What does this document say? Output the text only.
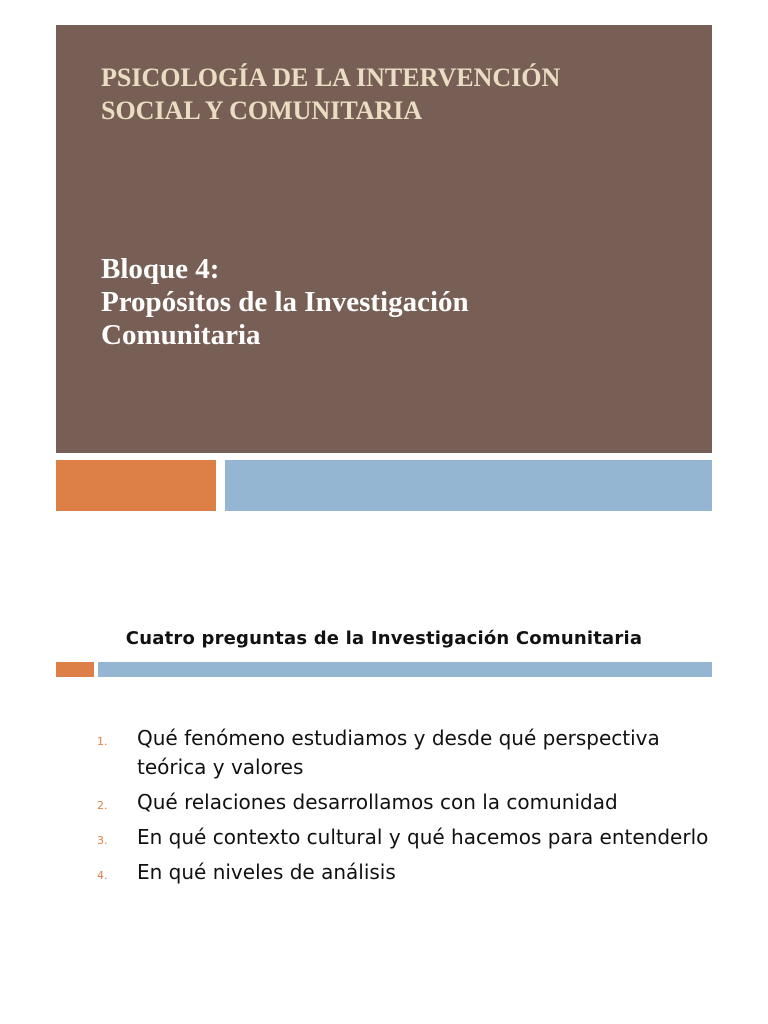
PSICOLOGÍA DE LA INTERVENCIÓN
SOCIAL Y COMUNITARIA
Bloque 4:
Propósitos de la Investigación
Comunitaria
Cuatro preguntas de la Investigación Comunitaria
1. Qué fenómeno estudiamos y desde qué perspectiva teórica y valores
2. Qué relaciones desarrollamos con la comunidad
3. En qué contexto cultural y qué hacemos para entenderlo
4. En qué niveles de análisis
